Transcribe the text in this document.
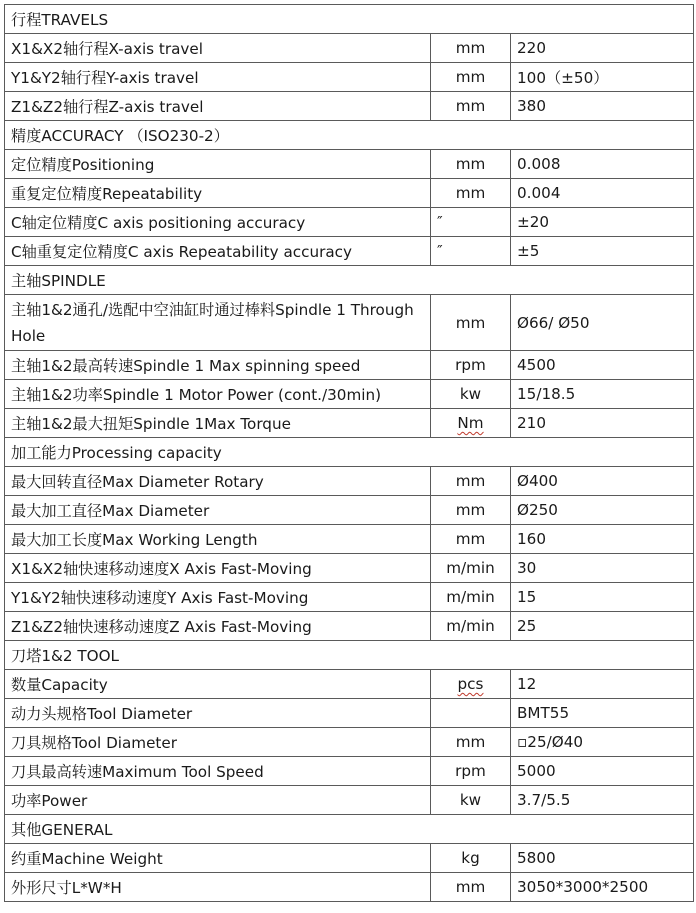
行程TRAVELS		
X1&X2轴行程X-axis travel	mm	220
Y1&Y2轴行程Y-axis travel	mm	100（±50）
Z1&Z2轴行程Z-axis travel	mm	380
精度ACCURACY （ISO230-2）		
定位精度Positioning	mm	0.008
重复定位精度Repeatability	mm	0.004
C轴定位精度C axis positioning accuracy	″	±20
C轴重复定位精度C axis Repeatability accuracy	″	±5
主轴SPINDLE		
主轴1&2通孔/选配中空油缸时通过棒料Spindle 1 Through Hole	mm	Ø66/ Ø50
主轴1&2最高转速Spindle 1 Max spinning speed	rpm	4500
主轴1&2功率Spindle 1 Motor Power (cont./30min)	kw	15/18.5
主轴1&2最大扭矩Spindle 1Max Torque	Nm	210
加工能力Processing capacity		
最大回转直径Max Diameter Rotary	mm	Ø400
最大加工直径Max Diameter	mm	Ø250
最大加工长度Max Working Length	mm	160
X1&X2轴快速移动速度X Axis Fast-Moving	m/min	30
Y1&Y2轴快速移动速度Y Axis Fast-Moving	m/min	15
Z1&Z2轴快速移动速度Z Axis Fast-Moving	m/min	25
刀塔1&2 TOOL		
数量Capacity	pcs	12
动力头规格Tool Diameter		BMT55
刀具规格Tool Diameter	mm	▫25/Ø40
刀具最高转速Maximum Tool Speed	rpm	5000
功率Power	kw	3.7/5.5
其他GENERAL		
约重Machine Weight	kg	5800
外形尺寸L*W*H	mm	3050*3000*2500
